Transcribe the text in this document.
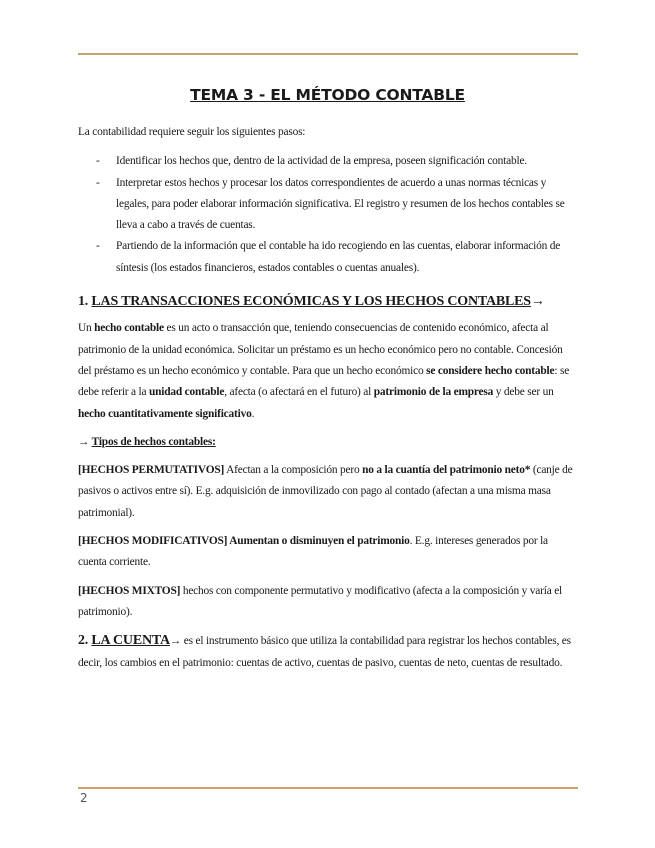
TEMA 3 - EL MÉTODO CONTABLE

La contabilidad requiere seguir los siguientes pasos:

- Identificar los hechos que, dentro de la actividad de la empresa, poseen significación contable.
- Interpretar estos hechos y procesar los datos correspondientes de acuerdo a unas normas técnicas y legales, para poder elaborar información significativa. El registro y resumen de los hechos contables se lleva a cabo a través de cuentas.
- Partiendo de la información que el contable ha ido recogiendo en las cuentas, elaborar información de síntesis (los estados financieros, estados contables o cuentas anuales).

1. LAS TRANSACCIONES ECONÓMICAS Y LOS HECHOS CONTABLES→

Un hecho contable es un acto o transacción que, teniendo consecuencias de contenido económico, afecta al patrimonio de la unidad económica. Solicitar un préstamo es un hecho económico pero no contable. Concesión del préstamo es un hecho económico y contable. Para que un hecho económico se considere hecho contable: se debe referir a la unidad contable, afecta (o afectará en el futuro) al patrimonio de la empresa y debe ser un hecho cuantitativamente significativo.

→ Tipos de hechos contables:

[HECHOS PERMUTATIVOS] Afectan a la composición pero no a la cuantía del patrimonio neto* (canje de pasivos o activos entre sí). E.g. adquisición de inmovilizado con pago al contado (afectan a una misma masa patrimonial).

[HECHOS MODIFICATIVOS] Aumentan o disminuyen el patrimonio. E.g. intereses generados por la cuenta corriente.

[HECHOS MIXTOS] hechos con componente permutativo y modificativo (afecta a la composición y varía el patrimonio).

2. LA CUENTA→ es el instrumento básico que utiliza la contabilidad para registrar los hechos contables, es decir, los cambios en el patrimonio: cuentas de activo, cuentas de pasivo, cuentas de neto, cuentas de resultado.

2
